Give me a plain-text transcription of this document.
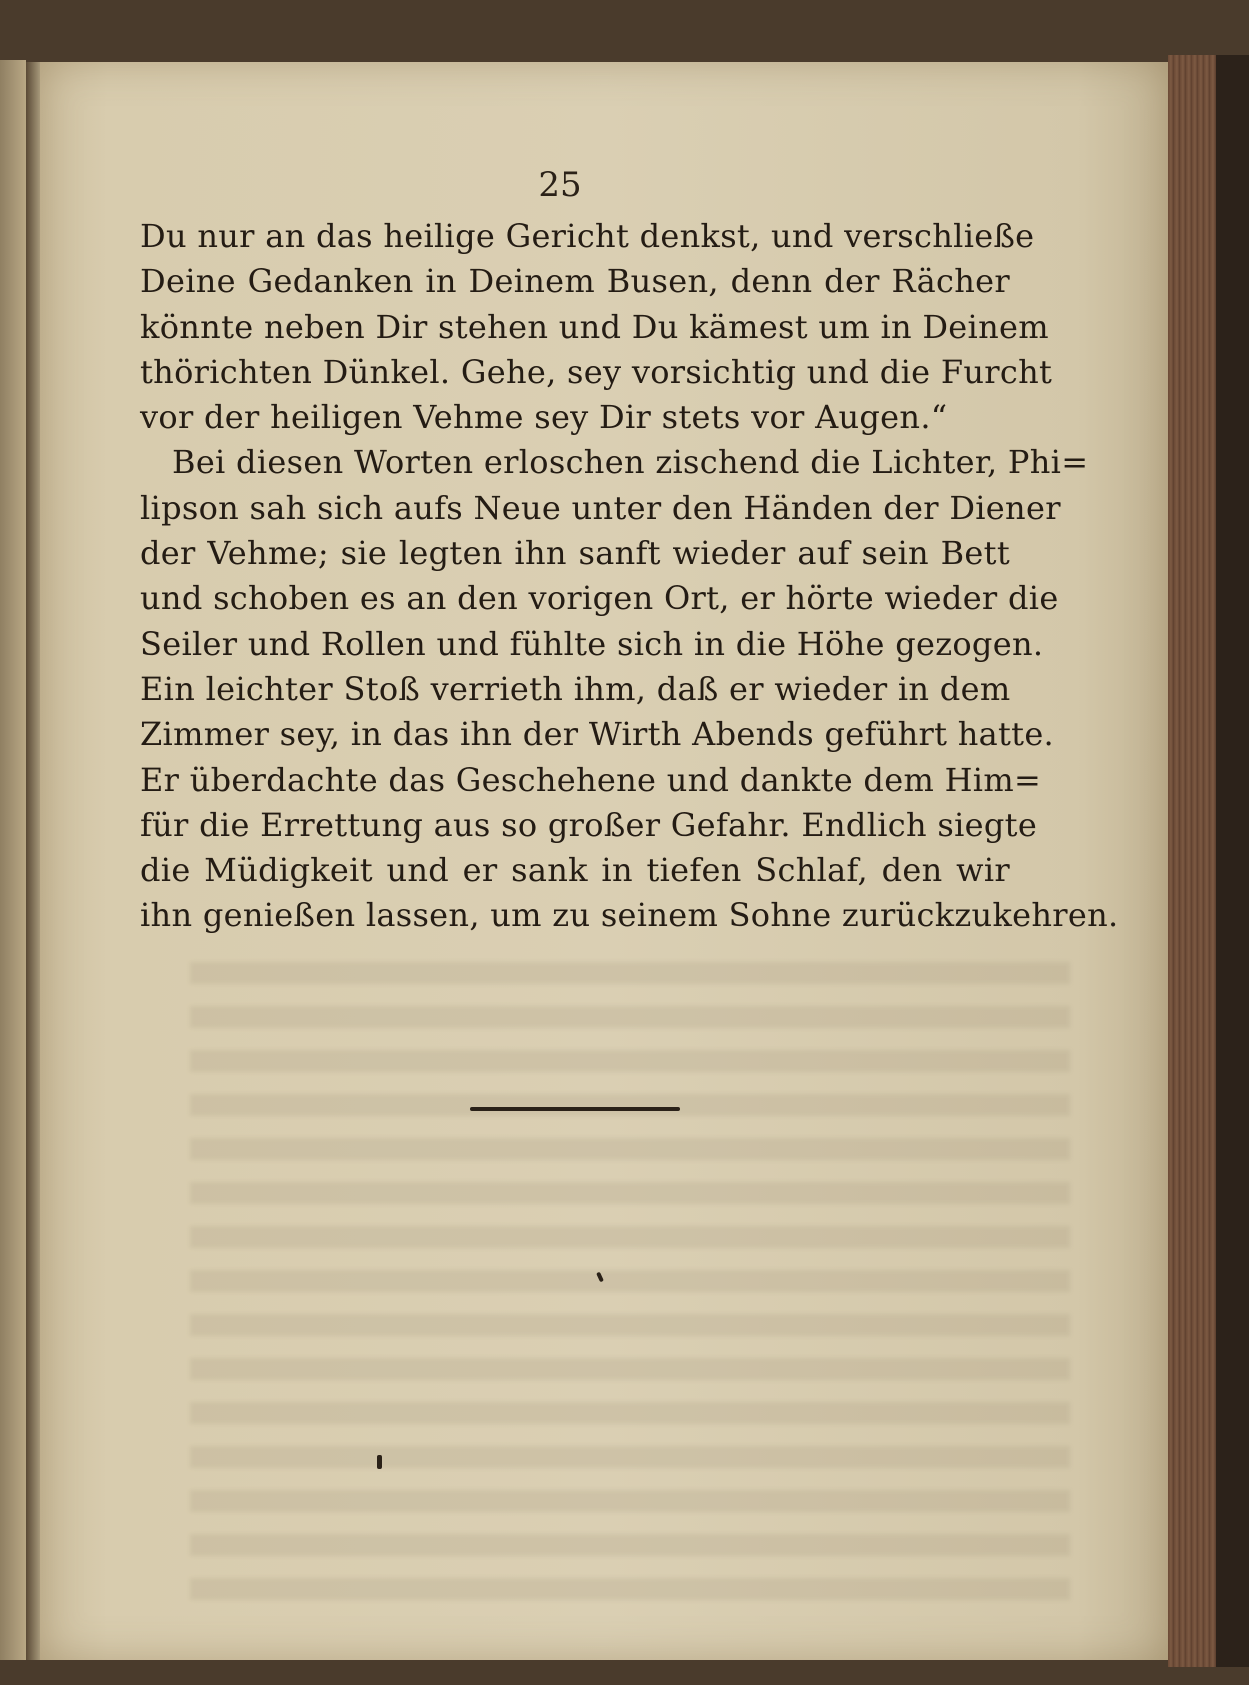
25
Du nur an das heilige Gericht denkst, und verschließe
Deine Gedanken in Deinem Busen, denn der Rächer
könnte neben Dir stehen und Du kämest um in Deinem
thörichten Dünkel. Gehe, sey vorsichtig und die Furcht
vor der heiligen Vehme sey Dir stets vor Augen.“
Bei diesen Worten erloschen zischend die Lichter, Phi=
lipson sah sich aufs Neue unter den Händen der Diener
der Vehme; sie legten ihn sanft wieder auf sein Bett
und schoben es an den vorigen Ort, er hörte wieder die
Seiler und Rollen und fühlte sich in die Höhe gezogen.
Ein leichter Stoß verrieth ihm, daß er wieder in dem
Zimmer sey, in das ihn der Wirth Abends geführt hatte.
Er überdachte das Geschehene und dankte dem Him=
für die Errettung aus so großer Gefahr. Endlich siegte
die Müdigkeit und er sank in tiefen Schlaf, den wir
ihn genießen lassen, um zu seinem Sohne zurückzukehren.
